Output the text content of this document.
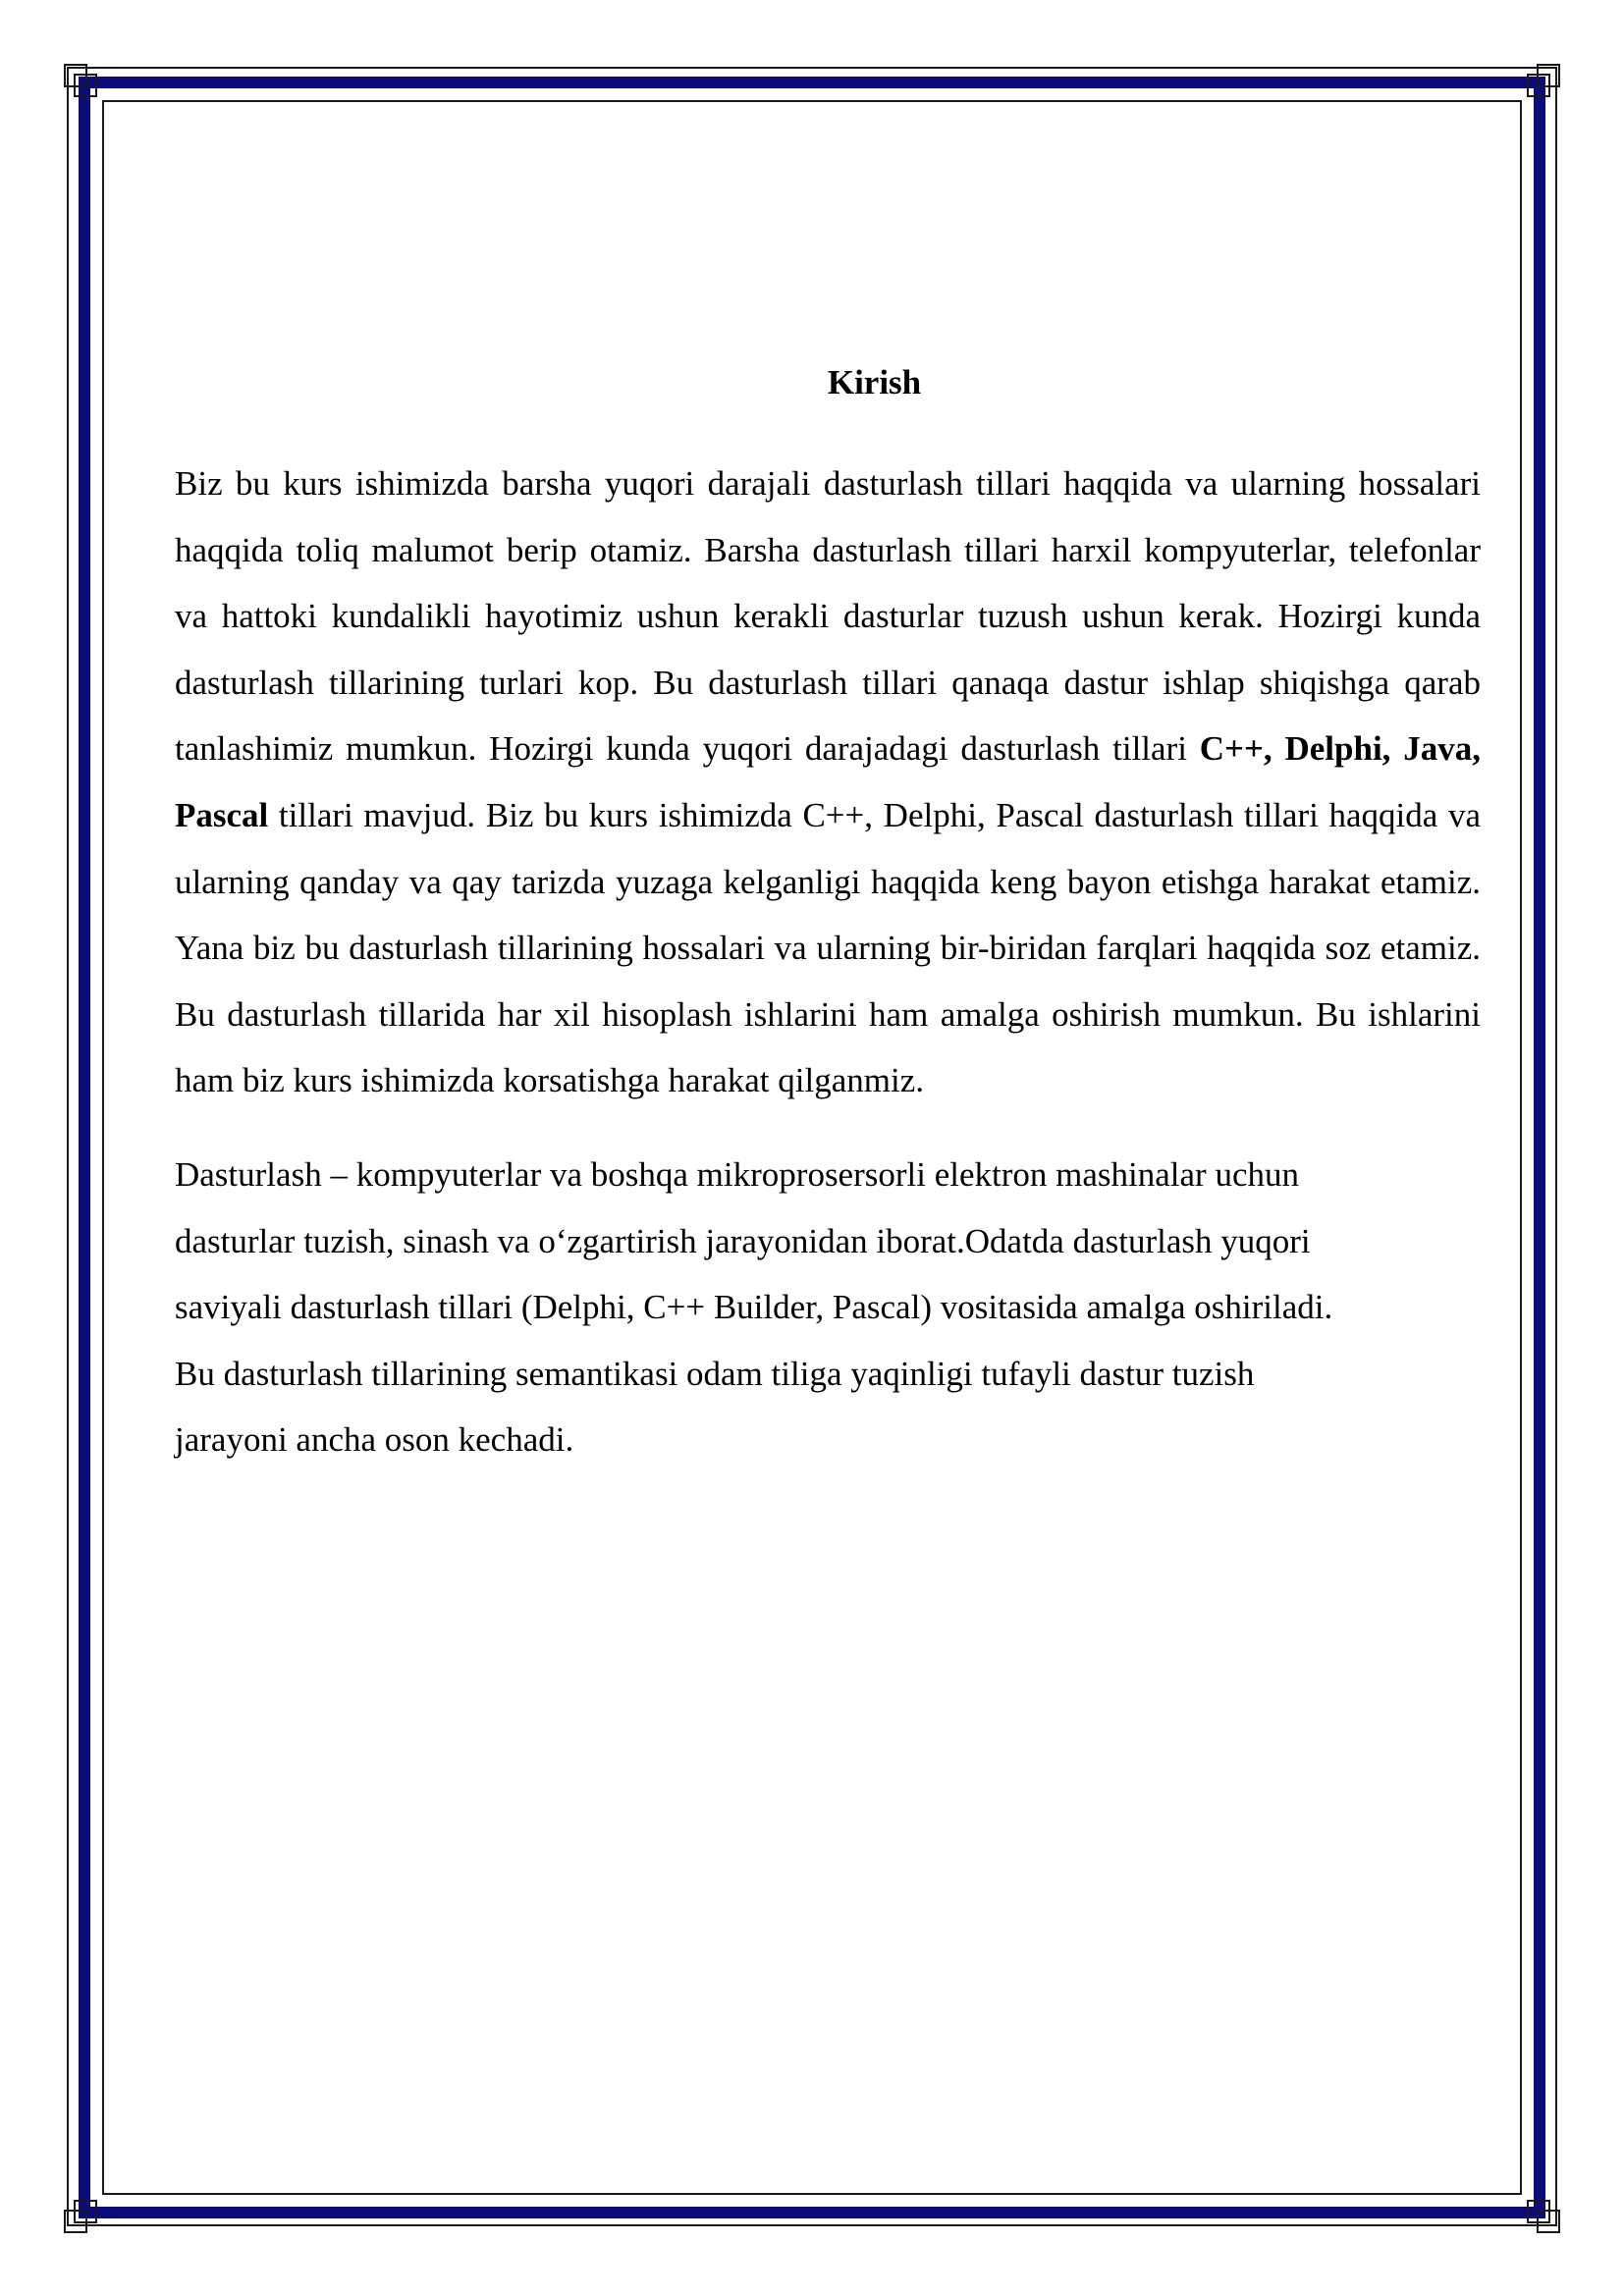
Kirish

Biz bu kurs ishimizda barsha yuqori darajali dasturlash tillari haqqida va ularning hossalari haqqida toliq malumot berip otamiz. Barsha dasturlash tillari harxil kompyuterlar, telefonlar va hattoki kundalikli hayotimiz ushun kerakli dasturlar tuzush ushun kerak. Hozirgi kunda dasturlash tillarining turlari kop. Bu dasturlash tillari qanaqa dastur ishlap shiqishga qarab tanlashimiz mumkun. Hozirgi kunda yuqori darajadagi dasturlash tillari C++, Delphi, Java, Pascal tillari mavjud. Biz bu kurs ishimizda C++, Delphi, Pascal dasturlash tillari haqqida va ularning qanday va qay tarizda yuzaga kelganligi haqqida keng bayon etishga harakat etamiz. Yana biz bu dasturlash tillarining hossalari va ularning bir-biridan farqlari haqqida soz etamiz. Bu dasturlash tillarida har xil hisoplash ishlarini ham amalga oshirish mumkun. Bu ishlarini ham biz kurs ishimizda korsatishga harakat qilganmiz.

Dasturlash – kompyuterlar va boshqa mikroprosersorli elektron mashinalar uchun
dasturlar tuzish, sinash va o‘zgartirish jarayonidan iborat.Odatda dasturlash yuqori
saviyali dasturlash tillari (Delphi, C++ Builder, Pascal) vositasida amalga oshiriladi.
Bu dasturlash tillarining semantikasi odam tiliga yaqinligi tufayli dastur tuzish
jarayoni ancha oson kechadi.
